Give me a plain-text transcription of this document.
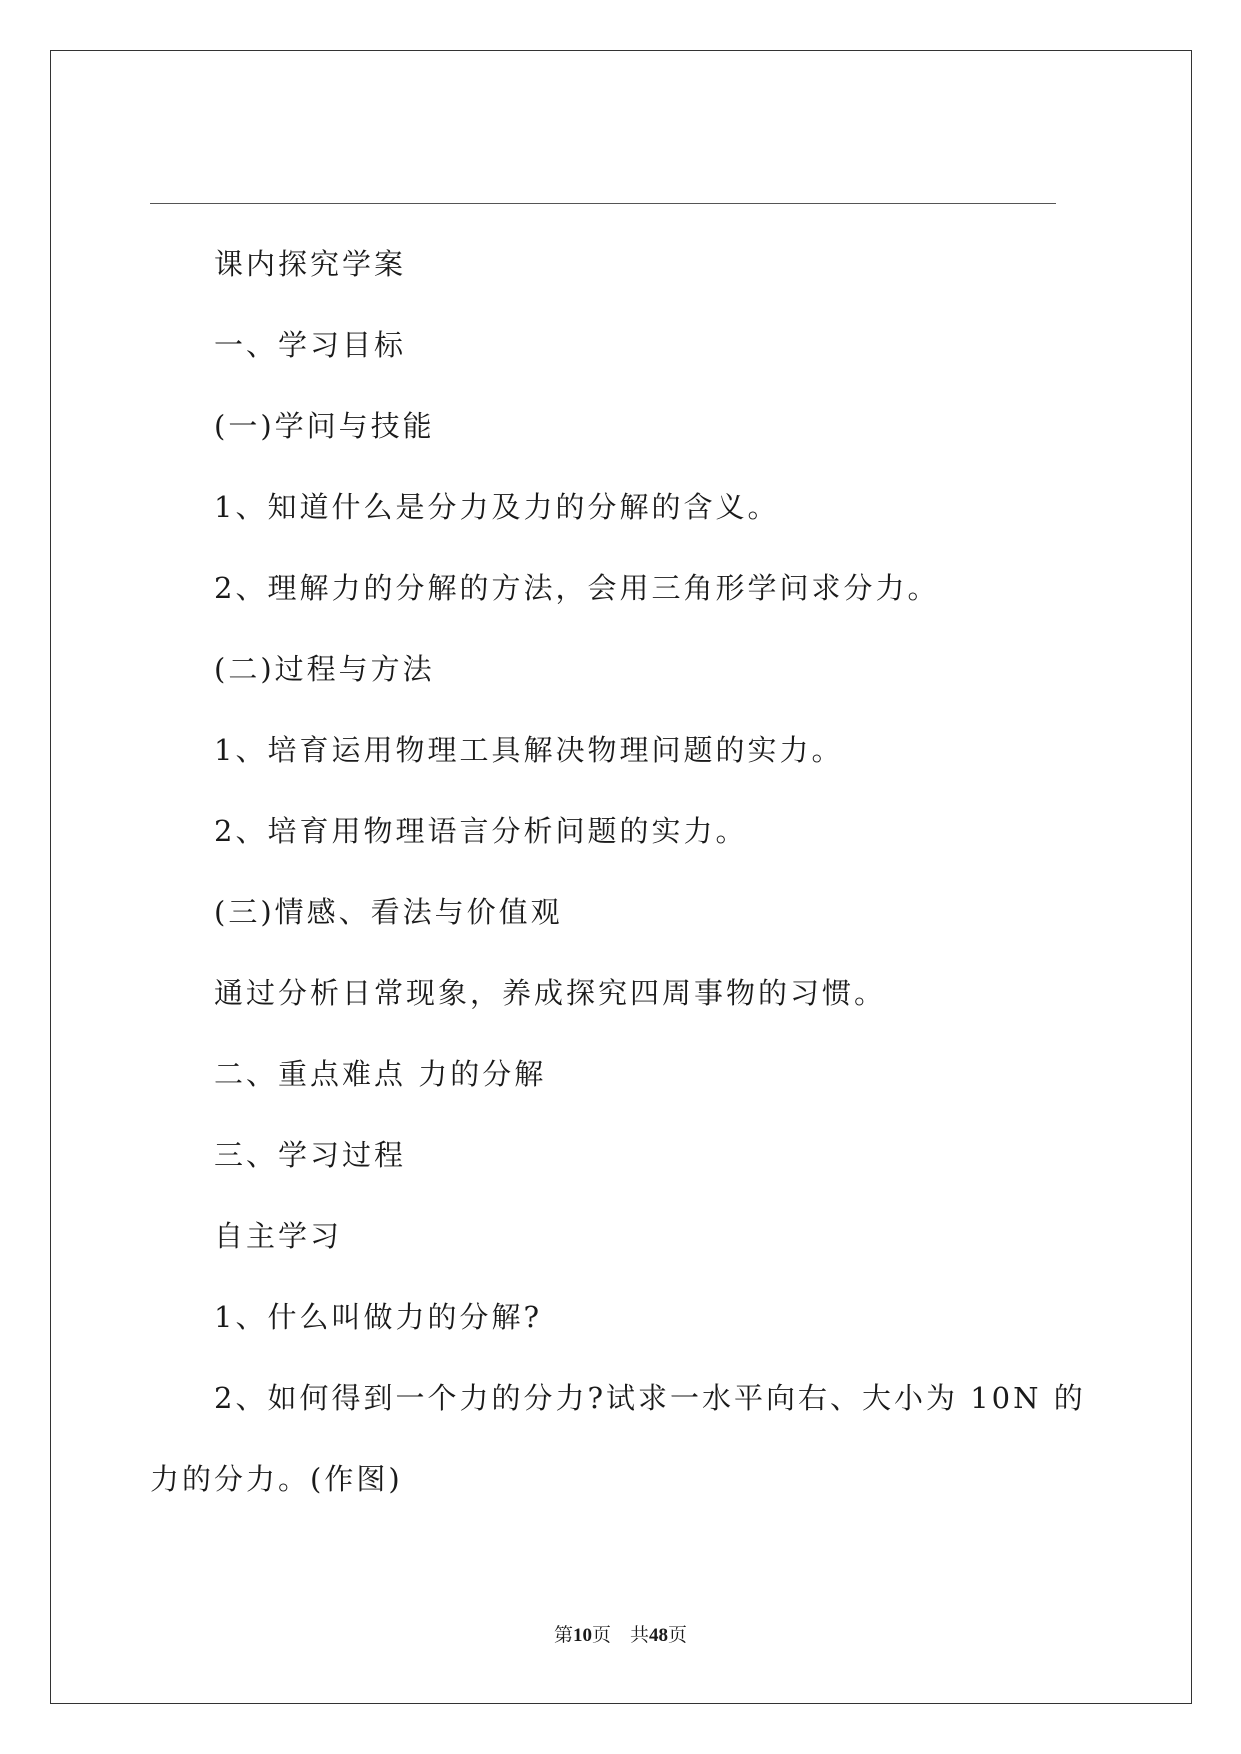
课内探究学案

一、学习目标

(一)学问与技能

1、知道什么是分力及力的分解的含义。

2、理解力的分解的方法，会用三角形学问求分力。

(二)过程与方法

1、培育运用物理工具解决物理问题的实力。

2、培育用物理语言分析问题的实力。

(三)情感、看法与价值观

通过分析日常现象，养成探究四周事物的习惯。

二、重点难点 力的分解

三、学习过程

自主学习

1、什么叫做力的分解?

2、如何得到一个力的分力?试求一水平向右、大小为 10N 的力的分力。(作图)

第10页　共48页
